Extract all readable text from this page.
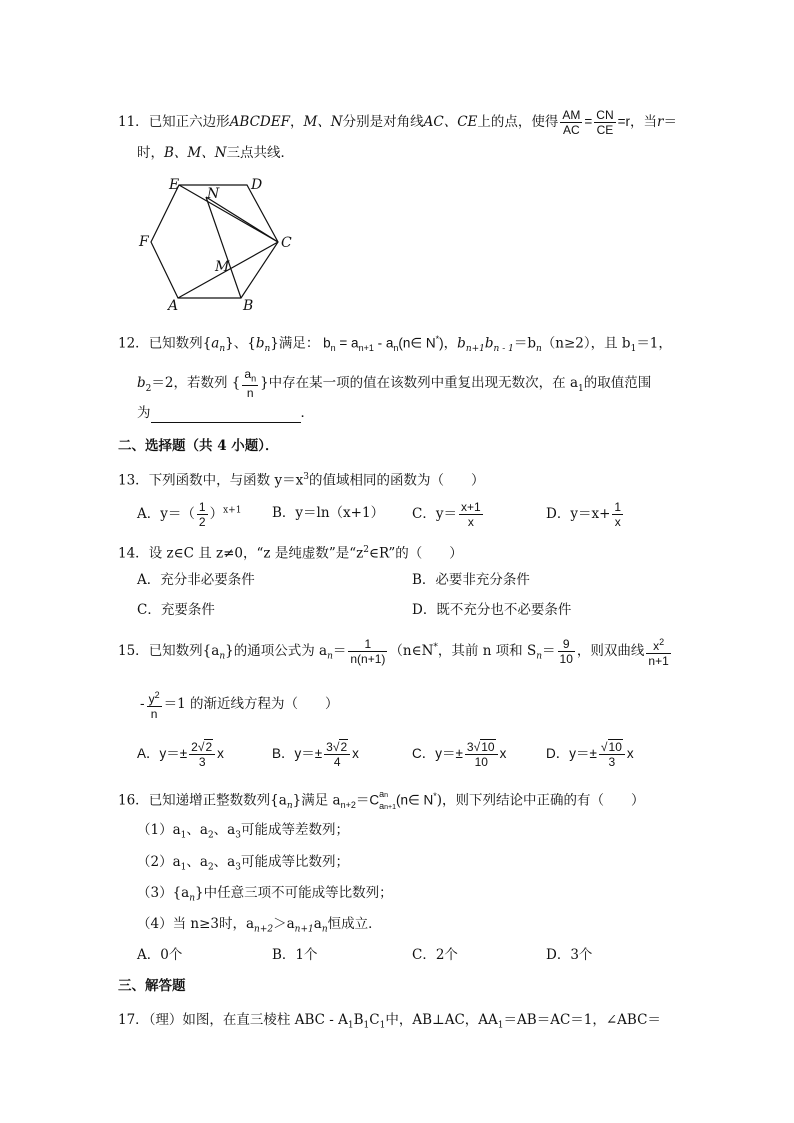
11．已知正六边形ABCDEF，M、N分别是对角线AC、CE上的点，使得 $\frac{AM}{AC} = \frac{CN}{CE} =r$，当r＝
时，B、M、N三点共线．
A	B
C
D
E
F
M
N
12．已知数列$\{a_n\}$、$\{b_n\}$满足： $b_n = a_{n+1}$ - $a_n(n\in$ N*)，$b_{n+1}b_{n - 1}=b_n(n\ge 2)$，且 $b_1=1$，
$b_2=2$，若数列 { $\frac{a_n}{n}$ }中存在某一项的值在该数列中重复出现无数次，在 $a_1$的取值范围
为	．
二、选择题（共 4 小题）．
13．下列函数中，与函数 $y=x^3$的值域相同的函数为（　　）
A．$y=( \frac{1}{2} )^{x+1}$ B．y＝ln（x+1） C．$y= \frac{x+1}{x}$	D．$y=x+ \frac{1}{x}$
14．设 z∈C 且 z≠0，“z 是纯虚数”是“$z^2\in R$”的（　　）
A．充分非必要条件	B．必要非充分条件
C．充要条件	D．既不充分也不必要条件
15．已知数列$\{a_n\}$的通项公式为 $a_n= \frac{1}{n(n+1)}$ （n∈N*，其前 n 项和 $S_n= \frac{9}{10}$ ，则双曲线 $\frac{x^2}{n+1}$
- $\frac{y^2}{n} =1$ 的渐近线方程为（　　）
A．$y=\pm \frac{2√2}{3}$ x	B．$y=\pm \frac{3√2}{4}$ x	C．$y=\pm \frac{3√10}{10}$ x	D．$y=\pm \frac{√10}{3}$ x
16．已知递增正整数数列$\{a_n\}$满足 $a_{n+2}=C$ an
an+1 (n∈ N*)，则下列结论中正确的有（　　）
$(1)a_1$、$a_2$、$a_3$可能成等差数列；
$(2)a_1$、$a_2$、$a_3$可能成等比数列；
$(3)\{a_n\}$中任意三项不可能成等比数列；
（4）当 n≥3时，$a_{n+2}>a_{n+1}a_n$恒成立．
A．0个	B．1个	C．2个	D．3个
三、解答题
17．（理）如图，在直三棱柱 ABC - $A_1B_1C_1$中，AB⊥AC，$AA_1=AB=AC=1$，∠ABC＝
